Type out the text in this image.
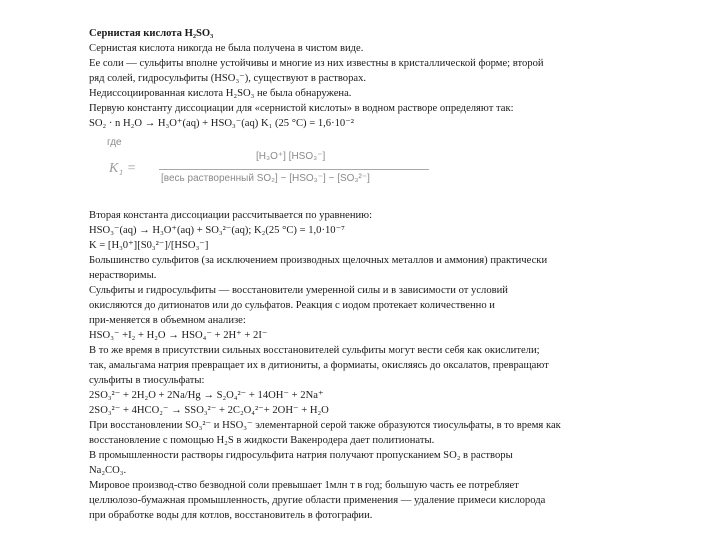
Сернистая кислота H₂SO₃
Сернистая кислота никогда не была получена в чистом виде.
Ее соли — сульфиты вполне устойчивы и многие из них известны в кристаллической форме; второй
ряд солей, гидросульфиты (HSO₃⁻), существуют в растворах.
Недиссоциированная кислота H₂SO₃ не была обнаружена.
Первую константу диссоциации для «сернистой кислоты» в водном растворе определяют так:
SO₂ · n H₂O → H₃O⁺(aq) + HSO₃⁻(aq) K₁ (25 °C) = 1,6·10⁻²
где
K₁ =
[H₃O⁺] [HSO₃⁻]
[весь растворенный SO₂] − [HSO₃⁻] − [SO₃²⁻]
Вторая константа диссоциации рассчитывается по уравнению:
HSO₃⁻(aq) → H₃O⁺(aq) + SO₃²⁻(aq); K₂(25 °C) = 1,0·10⁻⁷
K = [H₃0⁺][S0₃²⁻]/[HSO₃⁻]
Большинство сульфитов (за исключением производных щелочных металлов и аммония) практически
нерастворимы.
Сульфиты и гидросульфиты — восстановители умеренной силы и в зависимости от условий
окисляются до дитионатов или до сульфатов. Реакция с иодом протекает количественно и
при-меняется в объемном анализе:
HSO₃⁻ +I₂ + H₂O → HSO₄⁻ + 2H⁺ + 2I⁻
В то же время в присутствии сильных восстановителей сульфиты могут вести себя как окислители;
так, амальгама натрия превращает их в дитиониты, а формиаты, окисляясь до оксалатов, превращают
сульфиты в тиосульфаты:
2SO₃²⁻ + 2H₂O + 2Na/Hg → S₂O₄²⁻ + 14OH⁻ + 2Na⁺
2SO₃²⁻ + 4HCO₂⁻ → SSO₃²⁻ + 2C₂O₄²⁻+ 2OH⁻ + H₂O
При восстановлении SO₃²⁻ и HSO₃⁻ элементарной серой также образуются тиосульфаты, в то время как
восстановление с помощью H₂S в жидкости Вакенродера дает политионаты.
В промышленности растворы гидросульфита натрия получают пропусканием SO₂ в растворы
Na₂CO₃.
Мировое производ-ство безводной соли превышает 1млн т в год; большую часть ее потребляет
целлюлозо-бумажная промышленность, другие области применения — удаление примеси кислорода
при обработке воды для котлов, восстановитель в фотографии.
